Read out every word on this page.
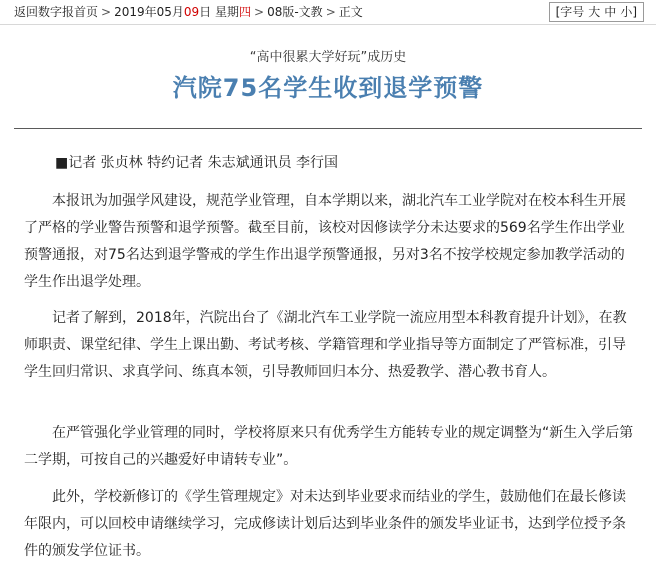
返回数字报首页 > 2019年05月09日 星期四 > 08版-文教 > 正文	[字号 大 中 小]
“高中很累大学好玩”成历史
汽院75名学生收到退学预警
■记者 张贞林 特约记者 朱志斌通讯员 李行国

本报讯为加强学风建设，规范学业管理，自本学期以来，湖北汽车工业学院对在校本科生开展了严格的学业警告预警和退学预警。截至目前，该校对因修读学分未达要求的569名学生作出学业预警通报，对75名达到退学警戒的学生作出退学预警通报，另对3名不按学校规定参加教学活动的学生作出退学处理。

记者了解到，2018年，汽院出台了《湖北汽车工业学院一流应用型本科教育提升计划》，在教师职责、课堂纪律、学生上课出勤、考试考核、学籍管理和学业指导等方面制定了严管标准，引导学生回归常识、求真学问、练真本领，引导教师回归本分、热爱教学、潜心教书育人。

在严管强化学业管理的同时，学校将原来只有优秀学生方能转专业的规定调整为“新生入学后第二学期，可按自己的兴趣爱好申请转专业”。

此外，学校新修订的《学生管理规定》对未达到毕业要求而结业的学生，鼓励他们在最长修读年限内，可以回校申请继续学习，完成修读计划后达到毕业条件的颁发毕业证书，达到学位授予条件的颁发学位证书。
